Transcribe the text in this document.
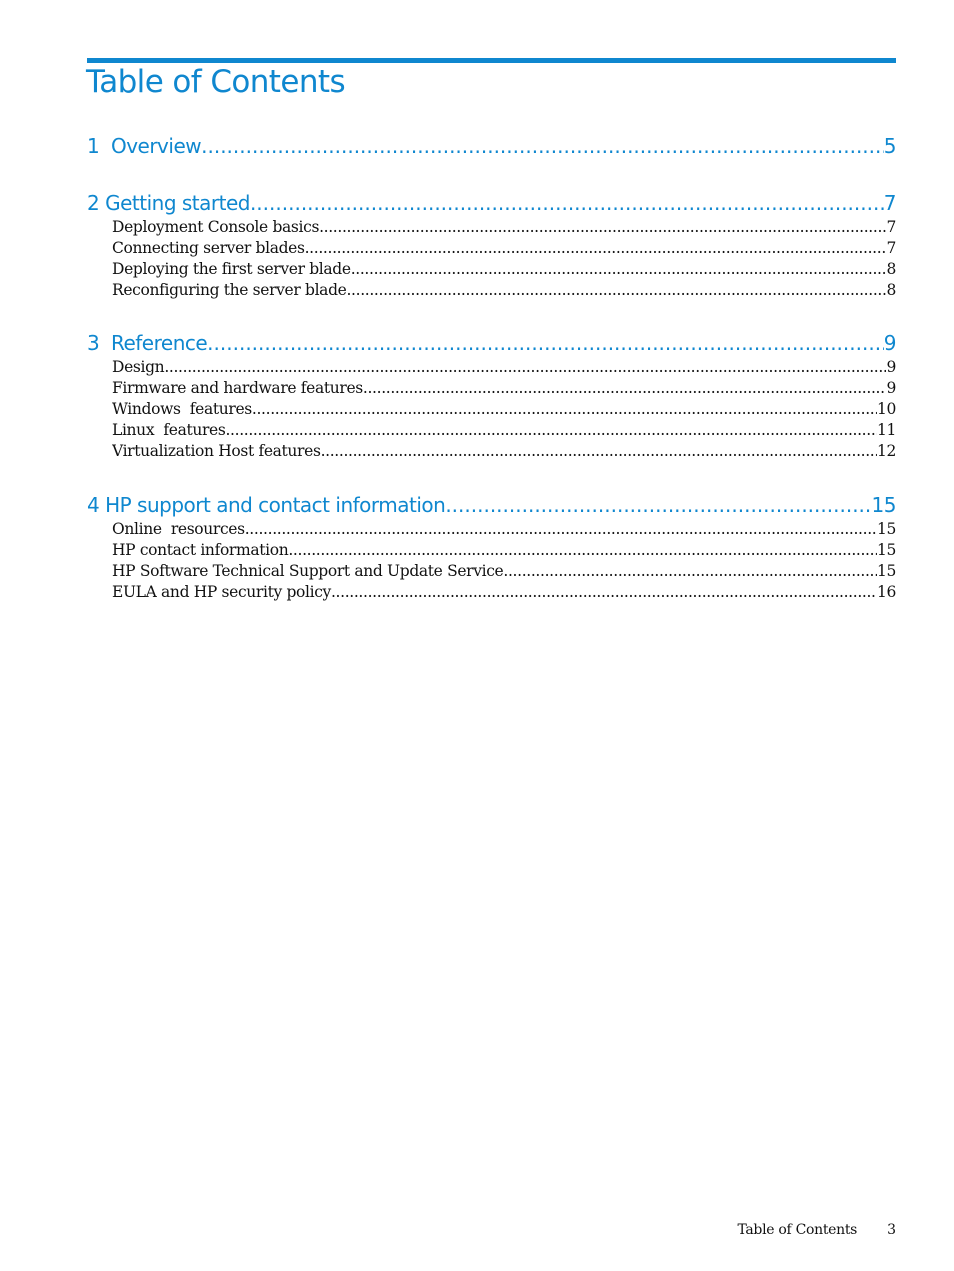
Table of Contents
1 Overview .....	5
2 Getting started .....	7
Deployment Console basics .....	7
Connecting server blades .....	7
Deploying the first server blade .....	8
Reconfiguring the server blade .....	8
3 Reference .....	9
Design .....	9
Firmware and hardware features .....	9
Windows  features .....	10
Linux  features .....	11
Virtualization Host features .....	12
4 HP support and contact information .....	15
Online  resources .....	15
HP contact information .....	15
HP Software Technical Support and Update Service .....	15
EULA and HP security policy .....	16
Table of Contents 3
